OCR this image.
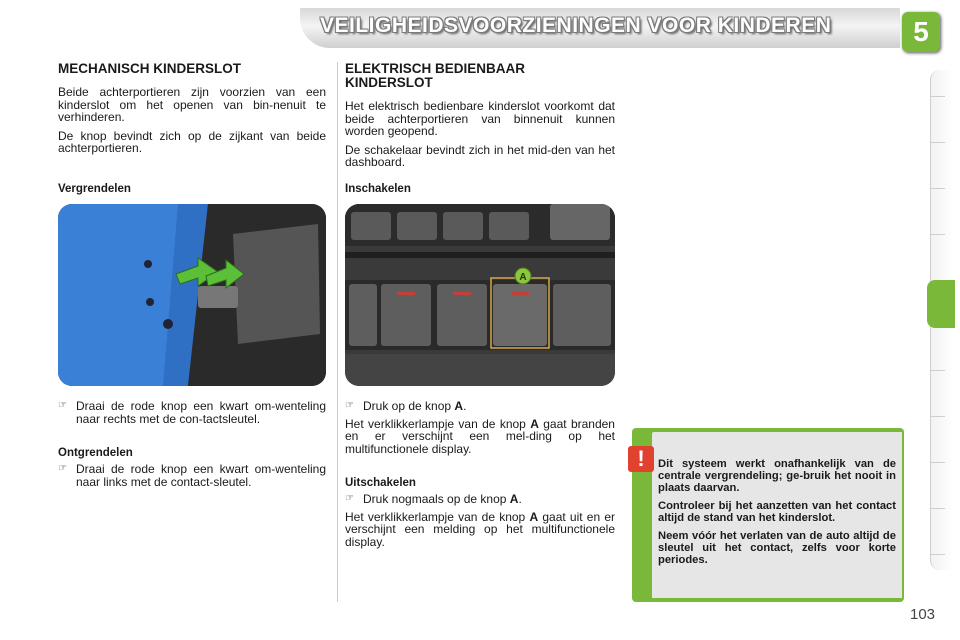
VEILIGHEIDSVOORZIENINGEN VOOR KINDEREN	5
MECHANISCH KINDERSLOT

Beide achterportieren zijn voorzien van een kinderslot om het openen van bin-nenuit te verhinderen.

De knop bevindt zich op de zijkant van beide achterportieren.

Vergrendelen
☞ Draai de rode knop een kwart om-wenteling naar rechts met de con-tactsleutel.
Ontgrendelen
☞ Draai de rode knop een kwart om-wenteling naar links met de contact-sleutel.
ELEKTRISCH BEDIENBAAR
KINDERSLOT

Het elektrisch bedienbare kinderslot voorkomt dat beide achterportieren van binnenuit kunnen worden geopend.

De schakelaar bevindt zich in het mid-den van het dashboard.

Inschakelen
A
☞ Druk op de knop A.

Het verklikkerlampje van de knop A gaat branden en er verschijnt een mel-ding op het multifunctionele display.

Uitschakelen
☞ Druk nogmaals op de knop A.

Het verklikkerlampje van de knop A gaat uit en er verschijnt een melding op het multifunctionele display.

Dit systeem werkt onafhankelijk van de centrale vergrendeling; ge-bruik het nooit in plaats daarvan.

Controleer bij het aanzetten van het contact altijd de stand van het kinderslot.

Neem vóór het verlaten van de auto altijd de sleutel uit het contact, zelfs voor korte periodes.

!
103
